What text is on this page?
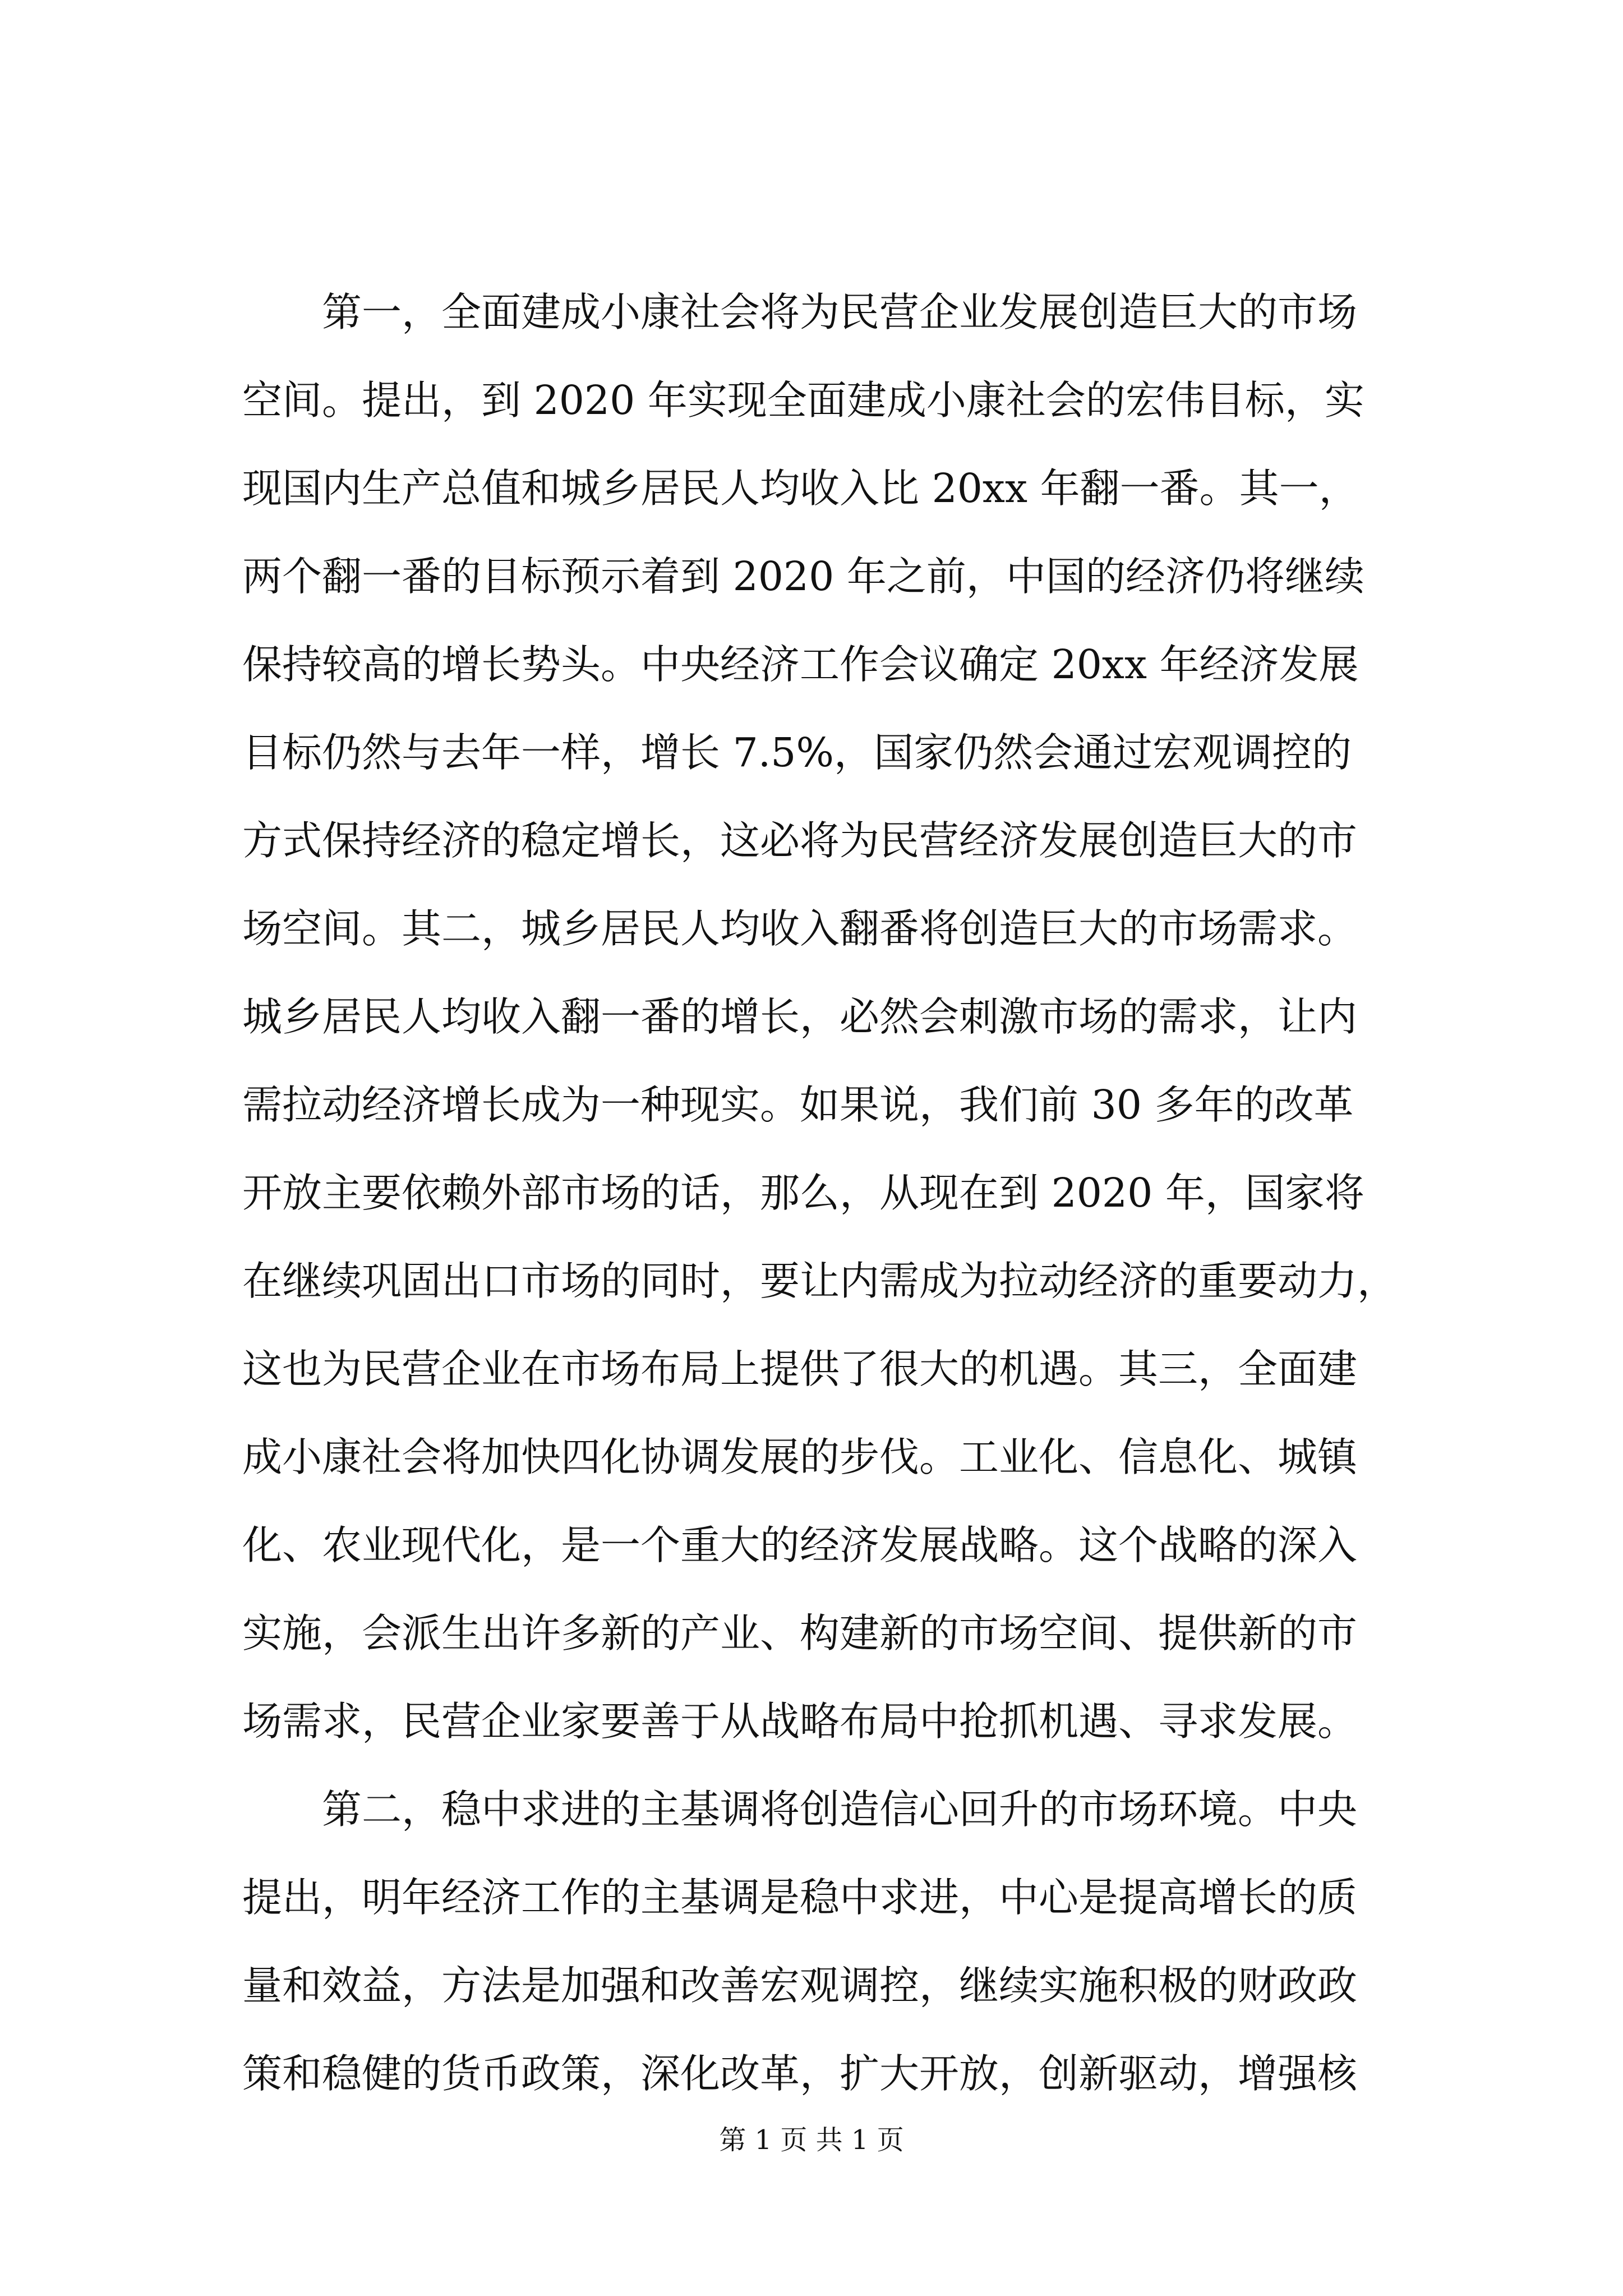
　　第一，全面建成小康社会将为民营企业发展创造巨大的市场
空间。提出，到 2020 年实现全面建成小康社会的宏伟目标，实
现国内生产总值和城乡居民人均收入比 20xx 年翻一番。其一，
两个翻一番的目标预示着到 2020 年之前，中国的经济仍将继续
保持较高的增长势头。中央经济工作会议确定 20xx 年经济发展
目标仍然与去年一样，增长 7.5%，国家仍然会通过宏观调控的
方式保持经济的稳定增长，这必将为民营经济发展创造巨大的市
场空间。其二，城乡居民人均收入翻番将创造巨大的市场需求。
城乡居民人均收入翻一番的增长，必然会刺激市场的需求，让内
需拉动经济增长成为一种现实。如果说，我们前 30 多年的改革
开放主要依赖外部市场的话，那么，从现在到 2020 年，国家将
在继续巩固出口市场的同时，要让内需成为拉动经济的重要动力，
这也为民营企业在市场布局上提供了很大的机遇。其三，全面建
成小康社会将加快四化协调发展的步伐。工业化、信息化、城镇
化、农业现代化，是一个重大的经济发展战略。这个战略的深入
实施，会派生出许多新的产业、构建新的市场空间、提供新的市
场需求，民营企业家要善于从战略布局中抢抓机遇、寻求发展。
　　第二，稳中求进的主基调将创造信心回升的市场环境。中央
提出，明年经济工作的主基调是稳中求进，中心是提高增长的质
量和效益，方法是加强和改善宏观调控，继续实施积极的财政政
策和稳健的货币政策，深化改革，扩大开放，创新驱动，增强核
第 1 页 共 1 页
